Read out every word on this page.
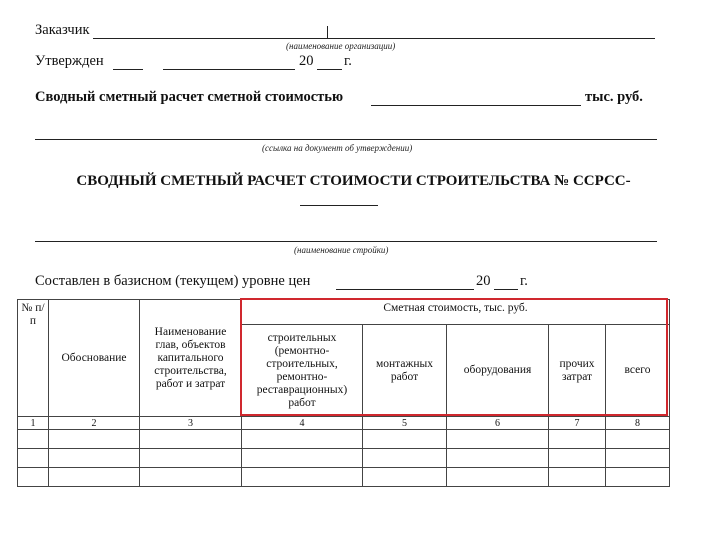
Заказчик
(наименование организации)
Утвержден	20 г.
Сводный сметный расчет сметной стоимостью	тыс. руб.
(ссылка на документ об утверждении)
СВОДНЫЙ СМЕТНЫЙ РАСЧЕТ СТОИМОСТИ СТРОИТЕЛЬСТВА № ССРСС-
(наименование стройки)
Составлен в базисном (текущем) уровне цен	20 г.
№ п/ п	Обоснование	Наименование глав, объектов капитального строительства, работ и затрат	Сметная стоимость, тыс. руб.				
			строительных (ремонтно-строительных, ремонтно-реставрационных) работ	монтажных работ	оборудования	прочих затрат	всего
1	2	3	4	5	6	7	8
